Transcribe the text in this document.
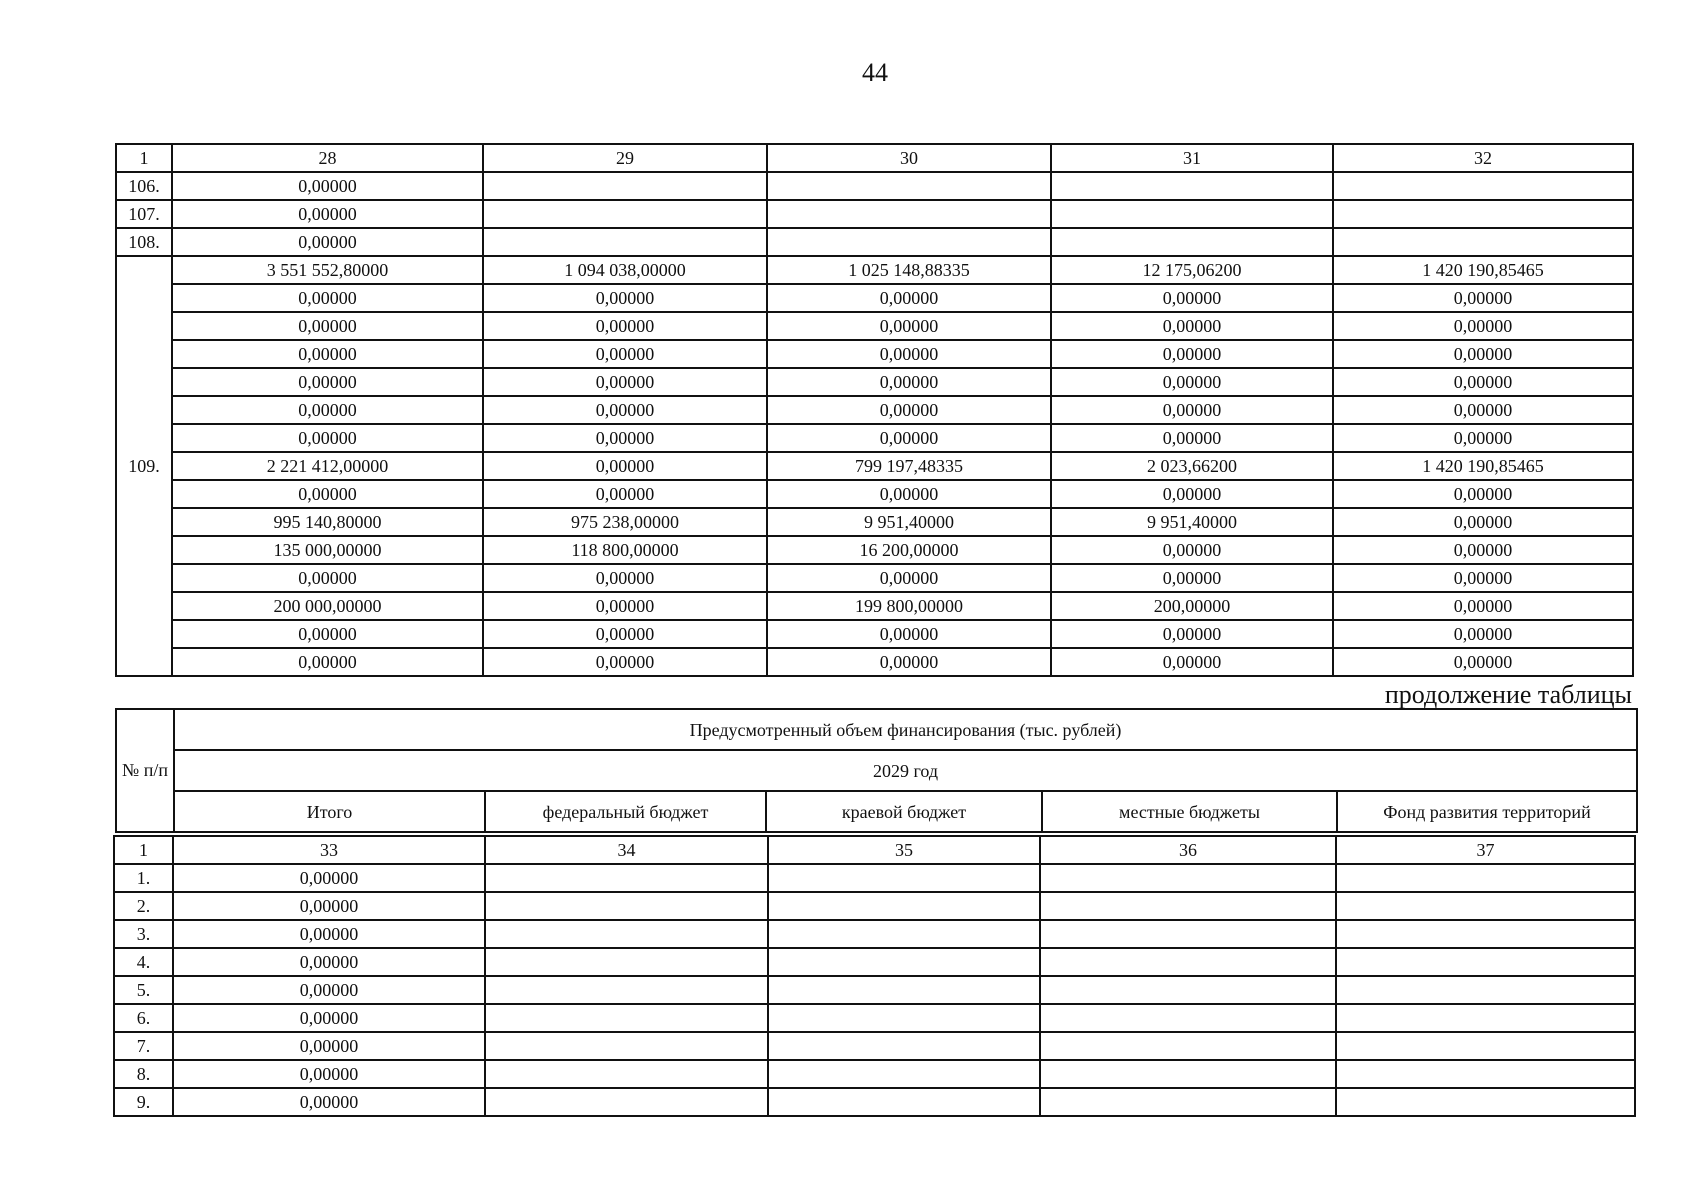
44
1	28	29	30	31	32
106.	0,00000				
107.	0,00000				
108.	0,00000				
109.	3 551 552,80000	1 094 038,00000	1 025 148,88335	12 175,06200	1 420 190,85465
	0,00000	0,00000	0,00000	0,00000	0,00000
	0,00000	0,00000	0,00000	0,00000	0,00000
	0,00000	0,00000	0,00000	0,00000	0,00000
	0,00000	0,00000	0,00000	0,00000	0,00000
	0,00000	0,00000	0,00000	0,00000	0,00000
	0,00000	0,00000	0,00000	0,00000	0,00000
	2 221 412,00000	0,00000	799 197,48335	2 023,66200	1 420 190,85465
	0,00000	0,00000	0,00000	0,00000	0,00000
	995 140,80000	975 238,00000	9 951,40000	9 951,40000	0,00000
	135 000,00000	118 800,00000	16 200,00000	0,00000	0,00000
	0,00000	0,00000	0,00000	0,00000	0,00000
	200 000,00000	0,00000	199 800,00000	200,00000	0,00000
	0,00000	0,00000	0,00000	0,00000	0,00000
	0,00000	0,00000	0,00000	0,00000	0,00000
продолжение таблицы
№ п/п	Предусмотренный объем финансирования (тыс. рублей)				
	2029 год				
	Итого	федеральный бюджет	краевой бюджет	местные бюджеты	Фонд развития территорий
1	33	34	35	36	37
1.	0,00000				
2.	0,00000				
3.	0,00000				
4.	0,00000				
5.	0,00000				
6.	0,00000				
7.	0,00000				
8.	0,00000				
9.	0,00000				
